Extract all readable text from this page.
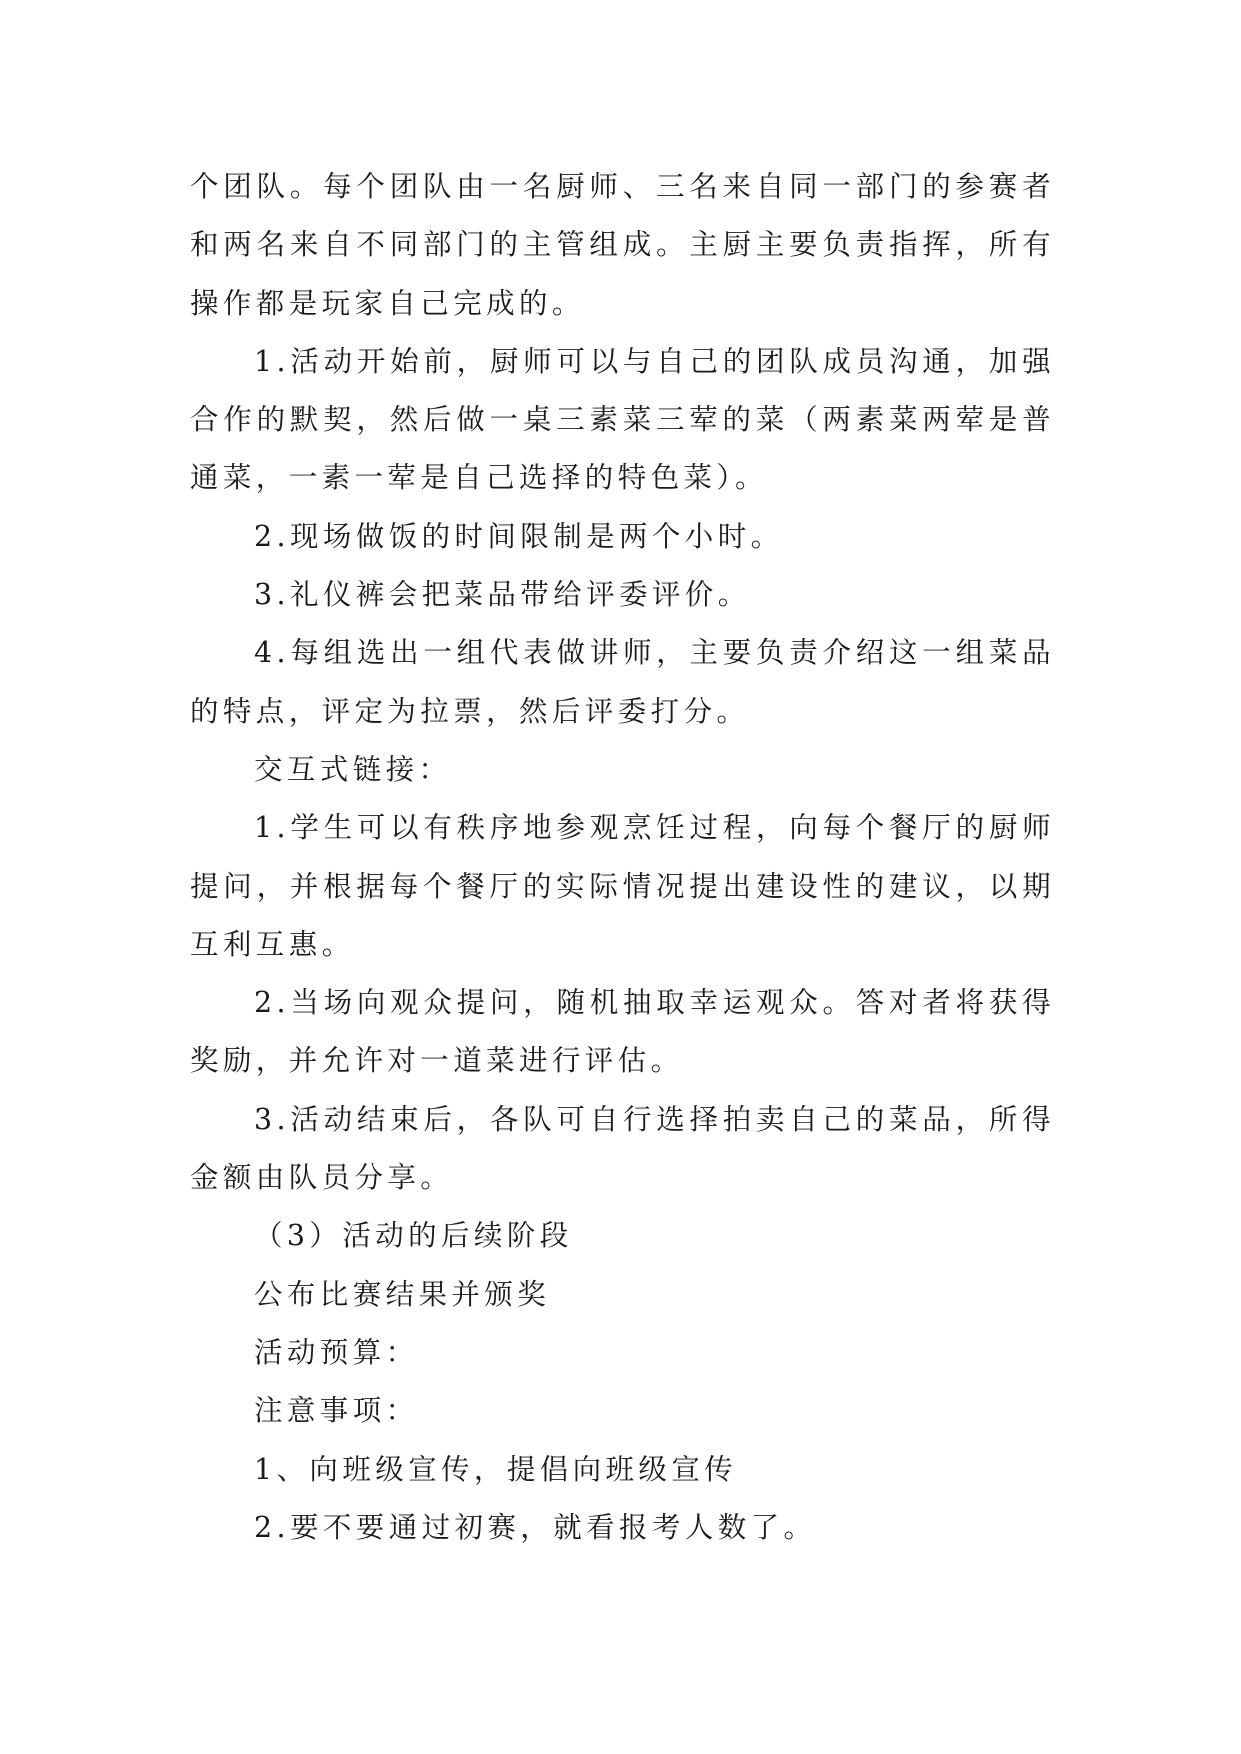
个团队。每个团队由一名厨师、三名来自同一部门的参赛者和两名来自不同部门的主管组成。主厨主要负责指挥，所有操作都是玩家自己完成的。

1.活动开始前，厨师可以与自己的团队成员沟通，加强合作的默契，然后做一桌三素菜三荤的菜（两素菜两荤是普通菜，一素一荤是自己选择的特色菜）。

2.现场做饭的时间限制是两个小时。

3.礼仪裤会把菜品带给评委评价。

4.每组选出一组代表做讲师，主要负责介绍这一组菜品的特点，评定为拉票，然后评委打分。

交互式链接：

1.学生可以有秩序地参观烹饪过程，向每个餐厅的厨师提问，并根据每个餐厅的实际情况提出建设性的建议，以期互利互惠。

2.当场向观众提问，随机抽取幸运观众。答对者将获得奖励，并允许对一道菜进行评估。

3.活动结束后，各队可自行选择拍卖自己的菜品，所得金额由队员分享。

（3）活动的后续阶段

公布比赛结果并颁奖

活动预算：

注意事项：

1、向班级宣传，提倡向班级宣传

2.要不要通过初赛，就看报考人数了。
